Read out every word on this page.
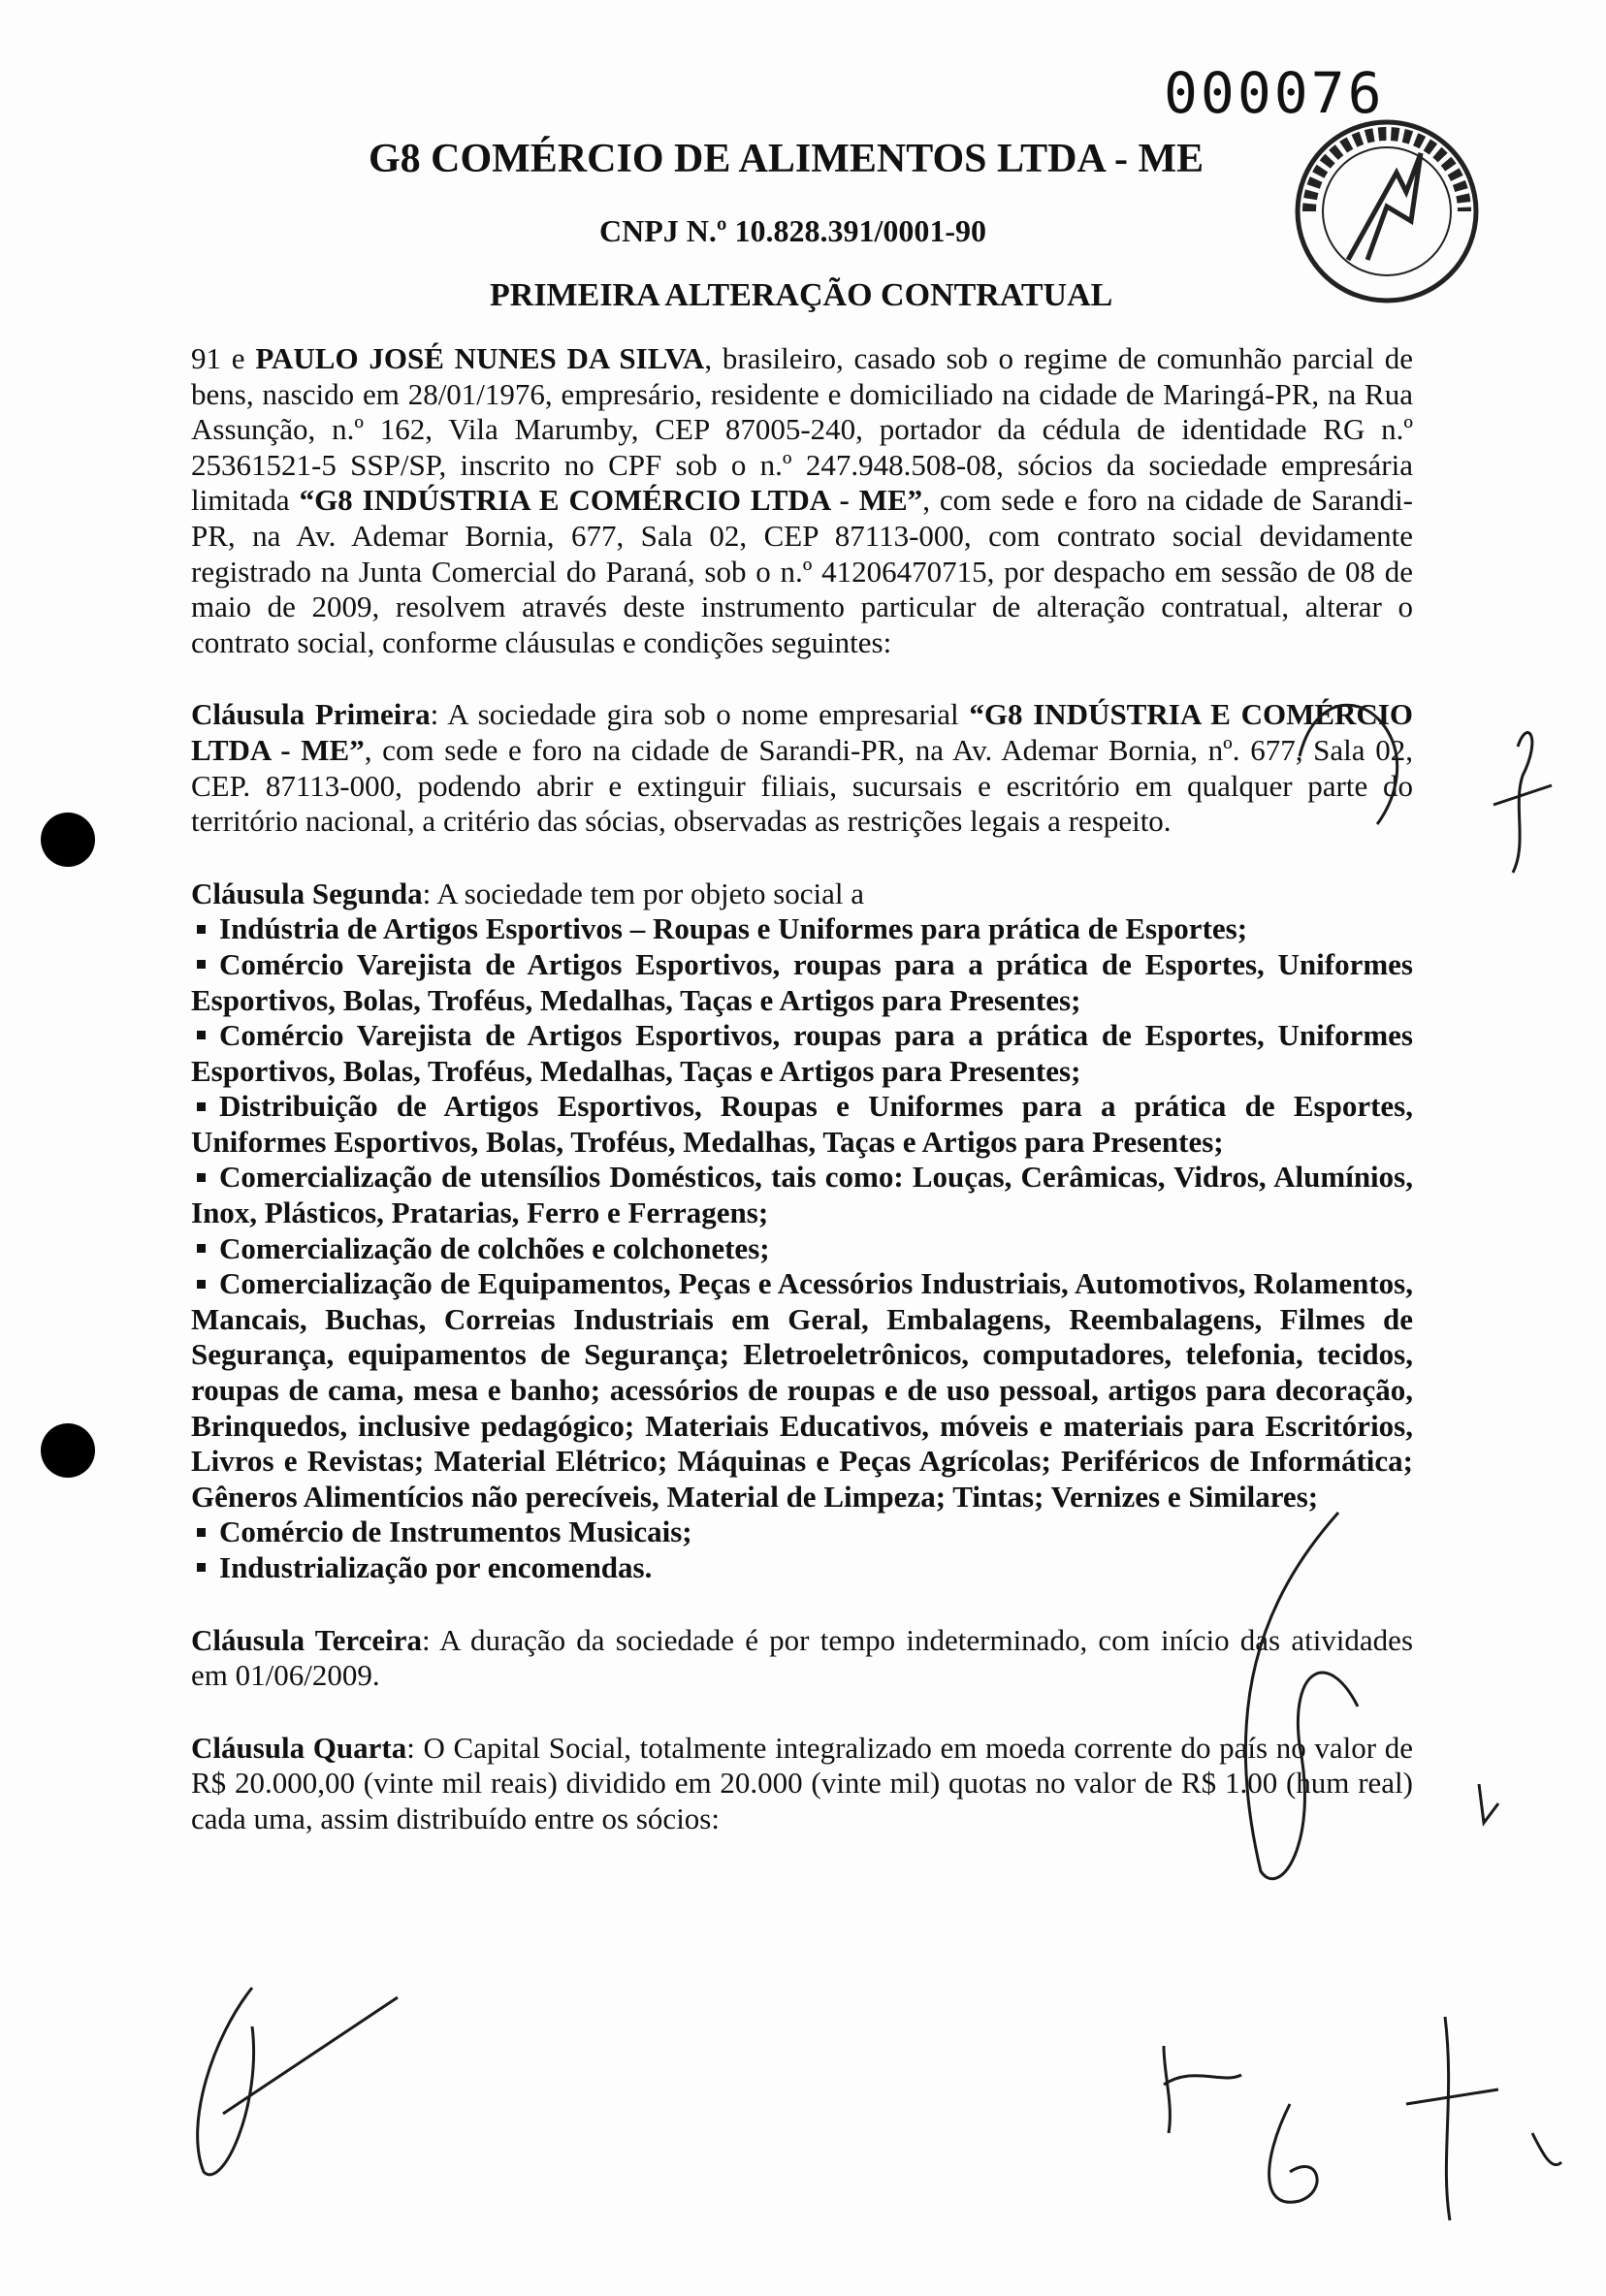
000076
G8 COMÉRCIO DE ALIMENTOS LTDA - ME
CNPJ N.º 10.828.391/0001-90
PRIMEIRA ALTERAÇÃO CONTRATUAL

91 e PAULO JOSÉ NUNES DA SILVA, brasileiro, casado sob o regime de comunhão parcial de bens, nascido em 28/01/1976, empresário, residente e domiciliado na cidade de Maringá-PR, na Rua Assunção, n.º 162, Vila Marumby, CEP 87005-240, portador da cédula de identidade RG n.º 25361521-5 SSP/SP, inscrito no CPF sob o n.º 247.948.508-08, sócios da sociedade empresária limitada “G8 INDÚSTRIA E COMÉRCIO LTDA - ME”, com sede e foro na cidade de Sarandi-PR, na Av. Ademar Bornia, 677, Sala 02, CEP 87113-000, com contrato social devidamente registrado na Junta Comercial do Paraná, sob o n.º 41206470715, por despacho em sessão de 08 de maio de 2009, resolvem através deste instrumento particular de alteração contratual, alterar o contrato social, conforme cláusulas e condições seguintes:

Cláusula Primeira: A sociedade gira sob o nome empresarial “G8 INDÚSTRIA E COMÉRCIO LTDA - ME”, com sede e foro na cidade de Sarandi-PR, na Av. Ademar Bornia, nº. 677, Sala 02, CEP. 87113-000, podendo abrir e extinguir filiais, sucursais e escritório em qualquer parte do território nacional, a critério das sócias, observadas as restrições legais a respeito.

Cláusula Segunda: A sociedade tem por objeto social a

Indústria de Artigos Esportivos – Roupas e Uniformes para prática de Esportes;

Comércio Varejista de Artigos Esportivos, roupas para a prática de Esportes, Uniformes Esportivos, Bolas, Troféus, Medalhas, Taças e Artigos para Presentes;

Comércio Varejista de Artigos Esportivos, roupas para a prática de Esportes, Uniformes Esportivos, Bolas, Troféus, Medalhas, Taças e Artigos para Presentes;

Distribuição de Artigos Esportivos, Roupas e Uniformes para a prática de Esportes, Uniformes Esportivos, Bolas, Troféus, Medalhas, Taças e Artigos para Presentes;

Comercialização de utensílios Domésticos, tais como: Louças, Cerâmicas, Vidros, Alumínios, Inox, Plásticos, Pratarias, Ferro e Ferragens;

Comercialização de colchões e colchonetes;

Comercialização de Equipamentos, Peças e Acessórios Industriais, Automotivos, Rolamentos, Mancais, Buchas, Correias Industriais em Geral, Embalagens, Reembalagens, Filmes de Segurança, equipamentos de Segurança; Eletroeletrônicos, computadores, telefonia, tecidos, roupas de cama, mesa e banho; acessórios de roupas e de uso pessoal, artigos para decoração, Brinquedos, inclusive pedagógico; Materiais Educativos, móveis e materiais para Escritórios, Livros e Revistas; Material Elétrico; Máquinas e Peças Agrícolas; Periféricos de Informática; Gêneros Alimentícios não perecíveis, Material de Limpeza; Tintas; Vernizes e Similares;

Comércio de Instrumentos Musicais;

Industrialização por encomendas.

Cláusula Terceira: A duração da sociedade é por tempo indeterminado, com início das atividades em 01/06/2009.

Cláusula Quarta: O Capital Social, totalmente integralizado em moeda corrente do país no valor de R$ 20.000,00 (vinte mil reais) dividido em 20.000 (vinte mil) quotas no valor de R$ 1.00 (hum real) cada uma, assim distribuído entre os sócios:
